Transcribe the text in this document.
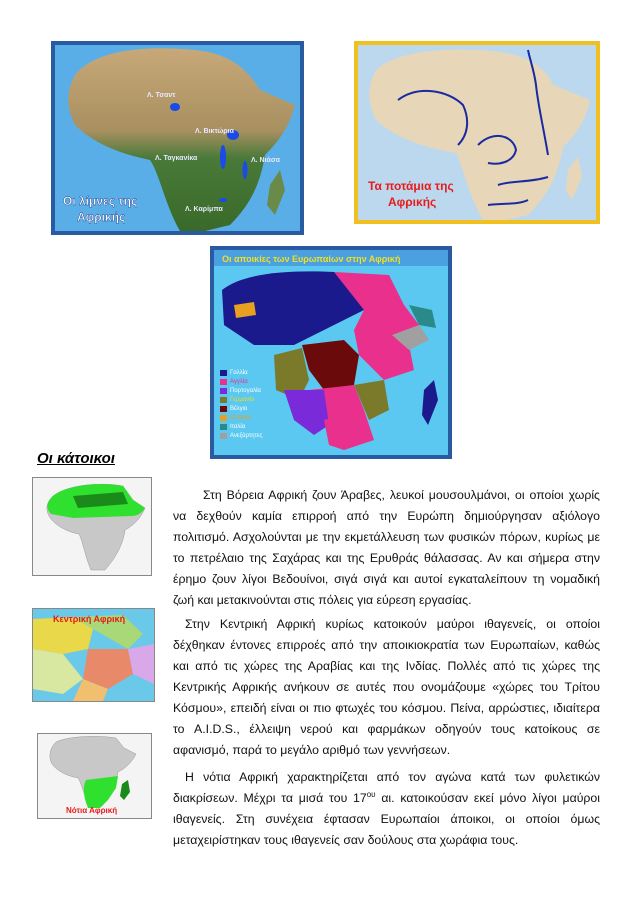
Λ. Τσαντ
Λ. Βικτώρια
Λ. Ταγκανίκα	Λ. Νιάσα
Λ. Καρίμπα
Οι λίμνες της
Αφρικής
Τα ποτάμια της
Αφρικής
Οι αποικίες των Ευρωπαίων στην Αφρική
Γαλλία
Αγγλία
Πορτογαλία
Γερμανία
Βέλγιο
Ισπανία
Ιταλία
Ανεξάρτητες
Οι κάτοικοι
Κεντρική Αφρική
Νότια Αφρική

Στη Βόρεια Αφρική ζουν Άραβες, λευκοί μουσουλμάνοι, οι οποίοι χωρίς να δεχθούν καμία επιρροή από την Ευρώπη δημιούργησαν αξιόλογο πολιτισμό. Ασχολούνται με την εκμετάλλευση των φυσικών πόρων, κυρίως με το πετρέλαιο της Σαχάρας και της Ερυθράς θάλασσας. Αν και σήμερα στην έρημο ζουν λίγοι Βεδουίνοι, σιγά σιγά και αυτοί εγκαταλείπουν τη νομαδική ζωή και μετακινούνται στις πόλεις για εύρεση εργασίας.

Στην Κεντρική Αφρική κυρίως κατοικούν μαύροι ιθαγενείς, οι οποίοι δέχθηκαν έντονες επιρροές από την αποικιοκρατία των Ευρωπαίων, καθώς και από τις χώρες της Αραβίας και της Ινδίας. Πολλές από τις χώρες της Κεντρικής Αφρικής ανήκουν σε αυτές που ονομάζουμε «χώρες του Τρίτου Κόσμου», επειδή είναι οι πιο φτωχές του κόσμου. Πείνα, αρρώστιες, ιδιαίτερα το A.I.D.S., έλλειψη νερού και φαρμάκων οδηγούν τους κατοίκους σε αφανισμό, παρά το μεγάλο αριθμό των γεννήσεων.

Η νότια Αφρική χαρακτηρίζεται από τον αγώνα κατά των φυλετικών διακρίσεων. Μέχρι τα μισά του $17^{o\upsilon}$ αι. κατοικούσαν εκεί μόνο λίγοι μαύροι ιθαγενείς. Στη συνέχεια έφτασαν Ευρωπαίοι άποικοι, οι οποίοι όμως μεταχειρίστηκαν τους ιθαγενείς σαν δούλους στα χωράφια τους.
